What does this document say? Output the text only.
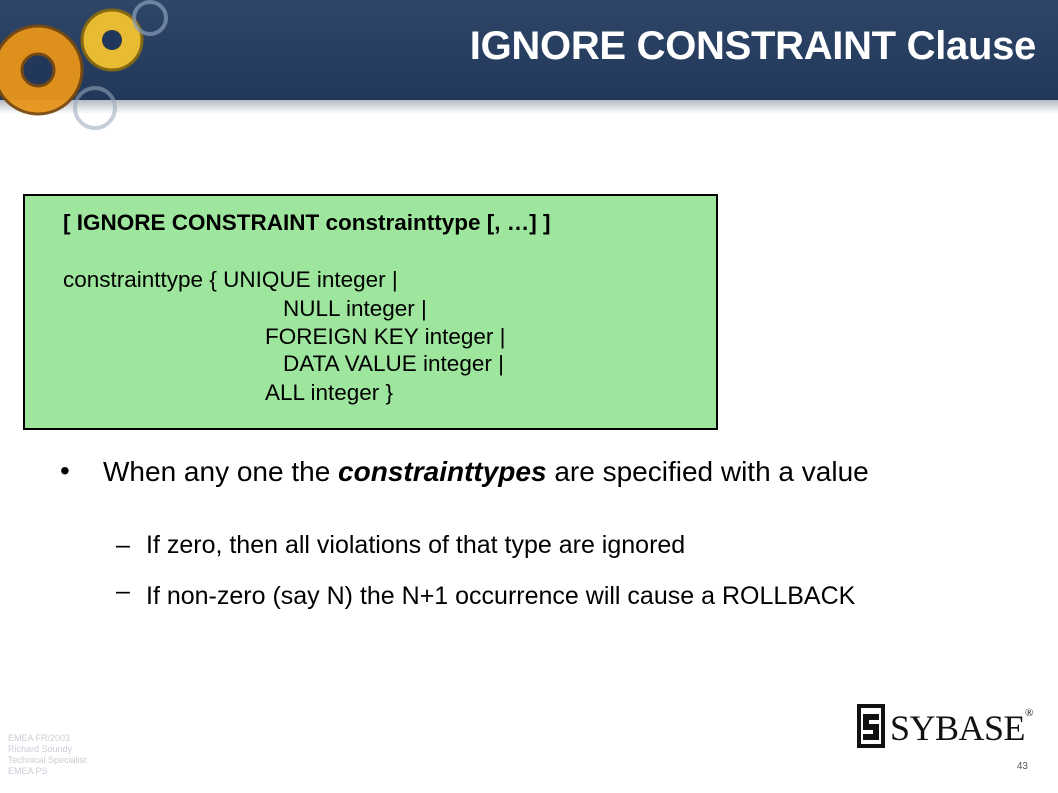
IGNORE CONSTRAINT Clause
[ IGNORE CONSTRAINT constrainttype [, …] ]
constrainttype { UNIQUE integer |
NULL integer |
FOREIGN KEY integer |
DATA VALUE integer |
ALL integer }
• When any one the constrainttypes are specified with a value
– If zero, then all violations of that type are ignored
– If non-zero (say N) the N+1 occurrence will cause a ROLLBACK
EMEA FR/2003
Richard Soundy
Technical Specialist
EMEA PS
SYBASE®
43
